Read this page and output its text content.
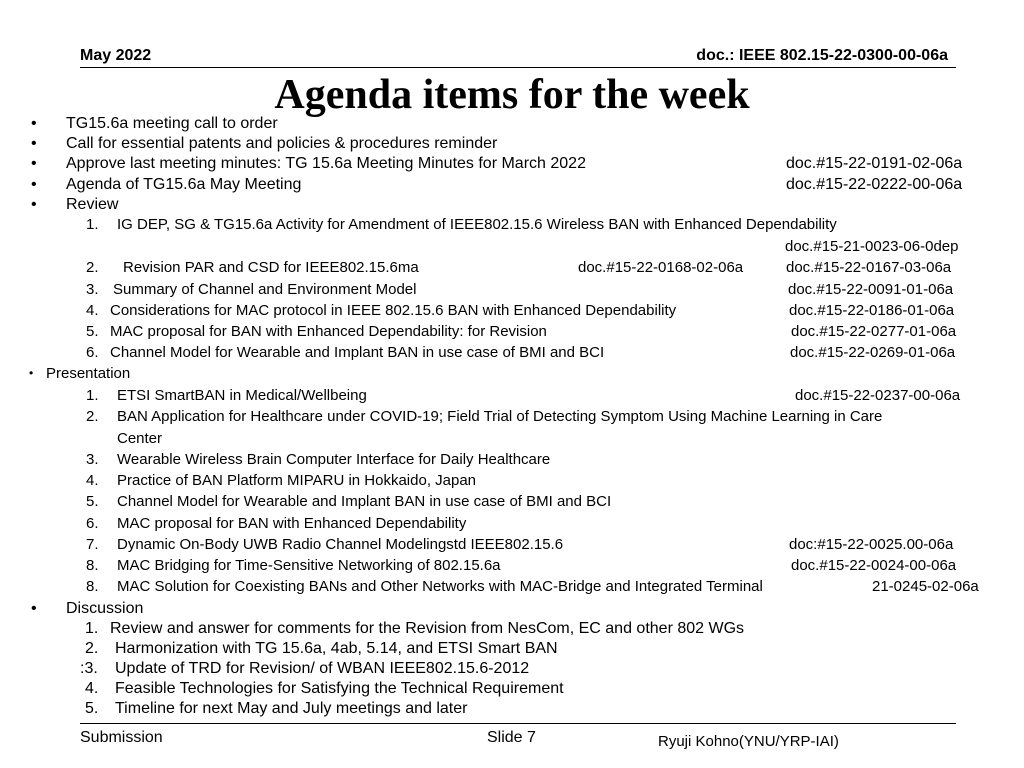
May 2022	doc.: IEEE 802.15-22-0300-00-06a
Agenda items for the week
• TG15.6a meeting call to order
• Call for essential patents and policies & procedures reminder
• Approve last meeting minutes: TG 15.6a Meeting Minutes for March 2022	doc.#15-22-0191-02-06a
• Agenda of TG15.6a May Meeting	doc.#15-22-0222-00-06a
• Review
1. IG DEP, SG & TG15.6a Activity for Amendment of IEEE802.15.6 Wireless BAN with Enhanced Dependability
doc.#15-21-0023-06-0dep
2. Revision PAR and CSD for IEEE802.15.6ma	doc.#15-22-0168-02-06a	doc.#15-22-0167-03-06a
3. Summary of Channel and Environment Model	doc.#15-22-0091-01-06a
4. Considerations for MAC protocol in IEEE 802.15.6 BAN with Enhanced Dependability	doc.#15-22-0186-01-06a
5. MAC proposal for BAN with Enhanced Dependability: for Revision	doc.#15-22-0277-01-06a
6. Channel Model for Wearable and Implant BAN in use case of BMI and BCI	doc.#15-22-0269-01-06a
• Presentation
1. ETSI SmartBAN in Medical/Wellbeing	doc.#15-22-0237-00-06a
2. BAN Application for Healthcare under COVID-19; Field Trial of Detecting Symptom Using Machine Learning in Care
Center
3. Wearable Wireless Brain Computer Interface for Daily Healthcare
4. Practice of BAN Platform MIPARU in Hokkaido, Japan
5. Channel Model for Wearable and Implant BAN in use case of BMI and BCI
6. MAC proposal for BAN with Enhanced Dependability
7. Dynamic On-Body UWB Radio Channel Modelingstd IEEE802.15.6	doc:#15-22-0025.00-06a
8. MAC Bridging for Time-Sensitive Networking of 802.15.6a	doc.#15-22-0024-00-06a
8. MAC Solution for Coexisting BANs and Other Networks with MAC-Bridge and Integrated Terminal	21-0245-02-06a
• Discussion
1. Review and answer for comments for the Revision from NesCom, EC and other 802 WGs
2. Harmonization with TG 15.6a, 4ab, 5.14, and ETSI Smart BAN
:3. Update of TRD for Revision/ of WBAN IEEE802.15.6-2012
4. Feasible Technologies for Satisfying the Technical Requirement
5. Timeline for next May and July meetings and later
Submission	Slide 7	Ryuji Kohno(YNU/YRP-IAI)
